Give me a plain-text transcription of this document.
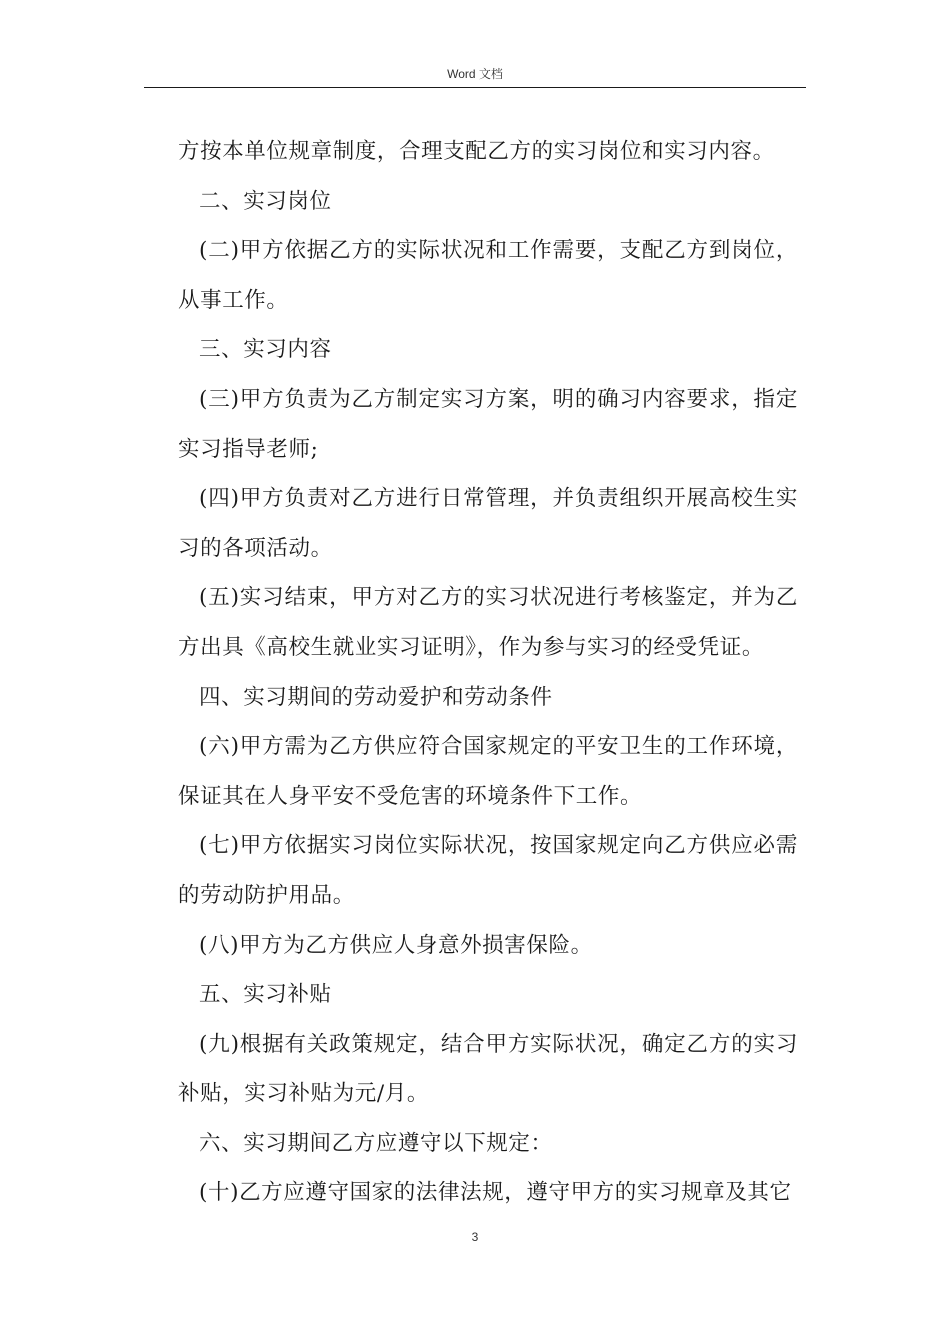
Word 文档

方按本单位规章制度，合理支配乙方的实习岗位和实习内容。

二、实习岗位

(二)甲方依据乙方的实际状况和工作需要，支配乙方到岗位，从事工作。

三、实习内容

(三)甲方负责为乙方制定实习方案，明的确习内容要求，指定实习指导老师;

(四)甲方负责对乙方进行日常管理，并负责组织开展高校生实习的各项活动。

(五)实习结束，甲方对乙方的实习状况进行考核鉴定，并为乙方出具《高校生就业实习证明》，作为参与实习的经受凭证。

四、实习期间的劳动爱护和劳动条件

(六)甲方需为乙方供应符合国家规定的平安卫生的工作环境，保证其在人身平安不受危害的环境条件下工作。

(七)甲方依据实习岗位实际状况，按国家规定向乙方供应必需的劳动防护用品。

(八)甲方为乙方供应人身意外损害保险。

五、实习补贴

(九)根据有关政策规定，结合甲方实际状况，确定乙方的实习补贴，实习补贴为元/月。

六、实习期间乙方应遵守以下规定：

(十)乙方应遵守国家的法律法规，遵守甲方的实习规章及其它

3
